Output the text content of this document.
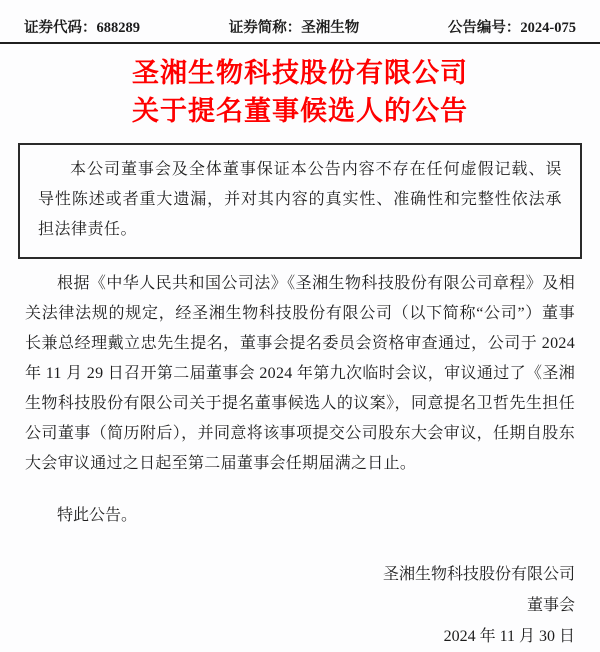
证券代码：688289	证券简称：圣湘生物	公告编号：2024-075
圣湘生物科技股份有限公司
关于提名董事候选人的公告

本公司董事会及全体董事保证本公告内容不存在任何虚假记载、误导性陈述或者重大遗漏，并对其内容的真实性、准确性和完整性依法承担法律责任。

根据《中华人民共和国公司法》《圣湘生物科技股份有限公司章程》及相关法律法规的规定，经圣湘生物科技股份有限公司（以下简称“公司”）董事长兼总经理戴立忠先生提名，董事会提名委员会资格审查通过，公司于 2024 年 11 月 29 日召开第二届董事会 2024 年第九次临时会议，审议通过了《圣湘生物科技股份有限公司关于提名董事候选人的议案》，同意提名卫哲先生担任公司董事（简历附后），并同意将该事项提交公司股东大会审议，任期自股东大会审议通过之日起至第二届董事会任期届满之日止。

特此公告。

圣湘生物科技股份有限公司

董事会

2024 年 11 月 30 日
